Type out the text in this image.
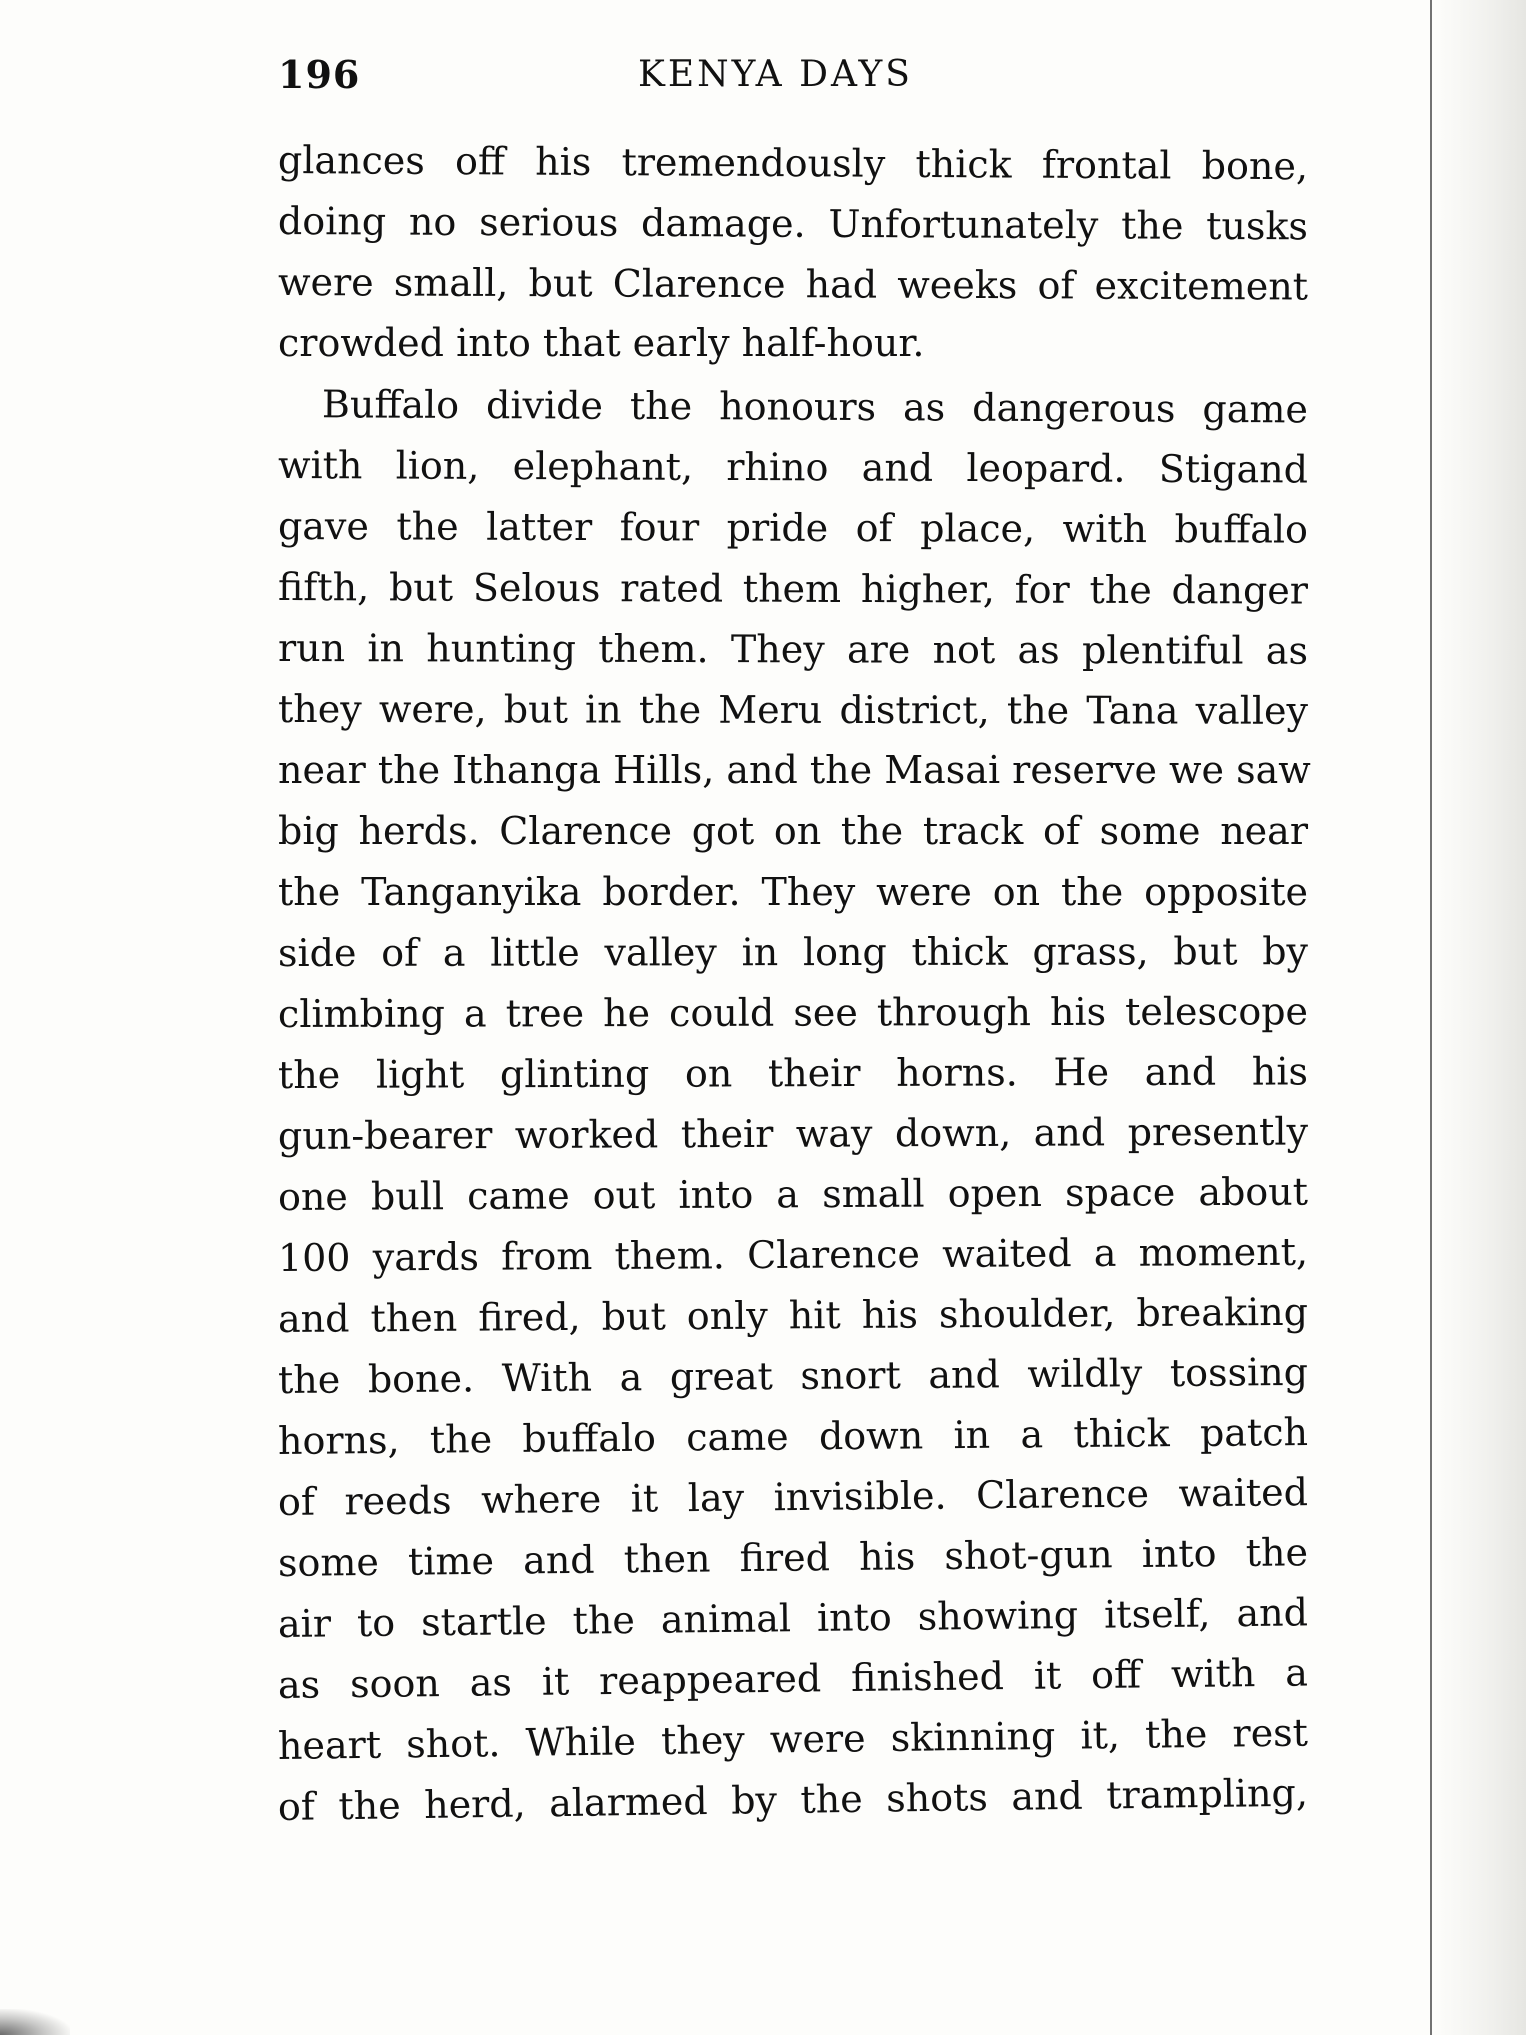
196	KENYA DAYS
glances off his tremendously thick frontal bone,
doing no serious damage. Unfortunately the tusks
were small, but Clarence had weeks of excitement
crowded into that early half-hour.
Buffalo divide the honours as dangerous game
with lion, elephant, rhino and leopard. Stigand
gave the latter four pride of place, with buffalo
fifth, but Selous rated them higher, for the danger
run in hunting them. They are not as plentiful as
they were, but in the Meru district, the Tana valley
near the Ithanga Hills, and the Masai reserve we saw
big herds. Clarence got on the track of some near
the Tanganyika border. They were on the opposite
side of a little valley in long thick grass, but by
climbing a tree he could see through his telescope
the light glinting on their horns. He and his
gun-bearer worked their way down, and presently
one bull came out into a small open space about
100 yards from them. Clarence waited a moment,
and then fired, but only hit his shoulder, breaking
the bone. With a great snort and wildly tossing
horns, the buffalo came down in a thick patch
of reeds where it lay invisible. Clarence waited
some time and then fired his shot-gun into the
air to startle the animal into showing itself, and
as soon as it reappeared finished it off with a
heart shot. While they were skinning it, the rest
of the herd, alarmed by the shots and trampling,
